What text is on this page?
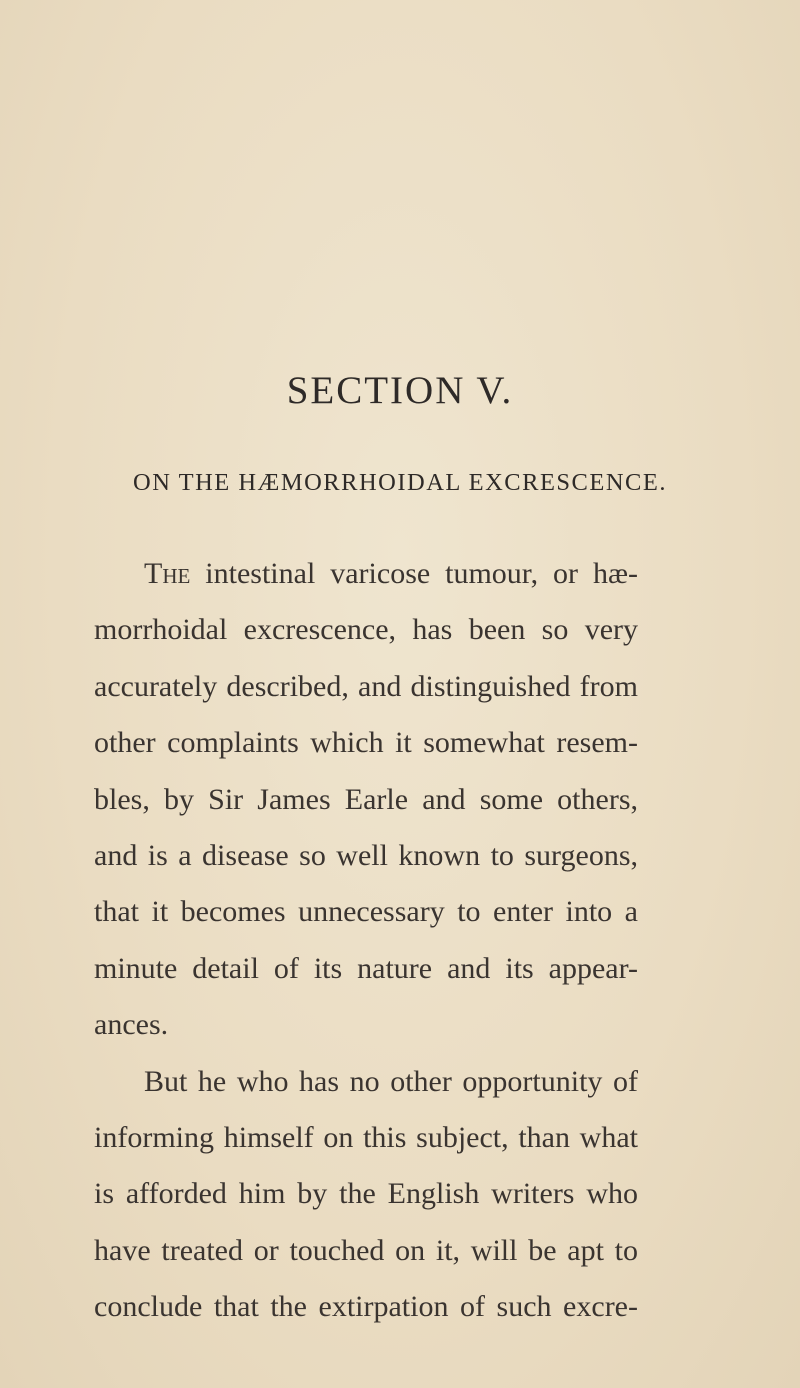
SECTION V.
ON THE HÆMORRHOIDAL EXCRESCENCE.
The intestinal varicose tumour, or hæ-
morrhoidal excrescence, has been so very
accurately described, and distinguished from
other complaints which it somewhat resem-
bles, by Sir James Earle and some others,
and is a disease so well known to surgeons,
that it becomes unnecessary to enter into a
minute detail of its nature and its appear-
ances.
But he who has no other opportunity of
informing himself on this subject, than what
is afforded him by the English writers who
have treated or touched on it, will be apt to
conclude that the extirpation of such excre-
